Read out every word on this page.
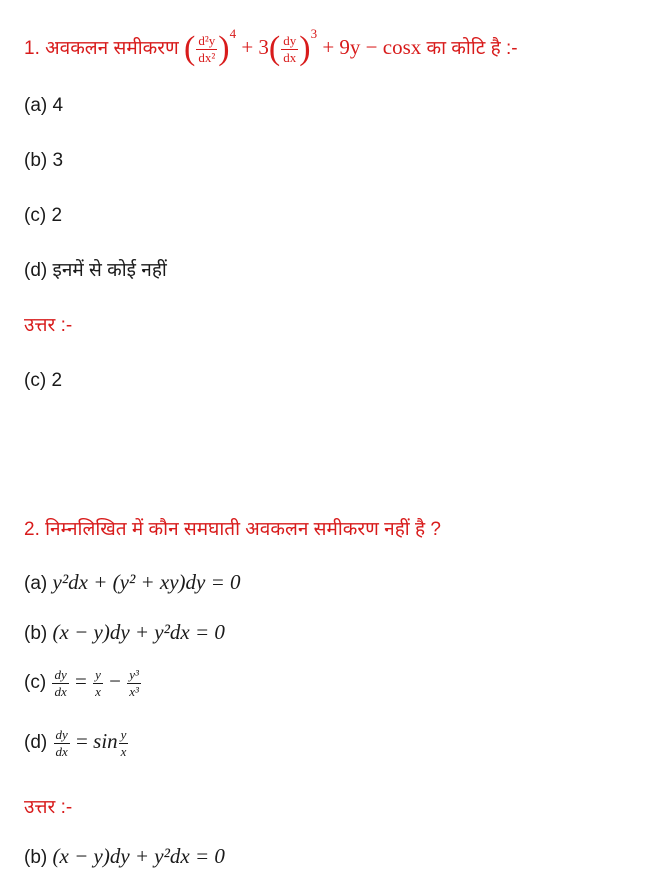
1. अवकलन समीकरण ( $\frac{\text{d²y}}{\text{dx²}} )^4 + 3( \frac{dy}{dx} )^3 + 9y - \cos x$ का कोटि है :-
(a) 4
(b) 3
(c) 2
(d) इनमें से कोई नहीं
उत्तर :-
(c) 2
2. निम्नलिखित में कौन समघाती अवकलन समीकरण नहीं है ?
(a) y²dx + (y² + xy)dy = 0
(b) (x − y)dy + y²dx = 0
$(c) \frac{dy}{dx} = \frac{y}{x} - \frac{\text{y³}}{\text{x³}}$
$(d) \frac{dy}{dx} = \sin \frac{y}{x}$
उत्तर :-
(b) (x − y)dy + y²dx = 0
